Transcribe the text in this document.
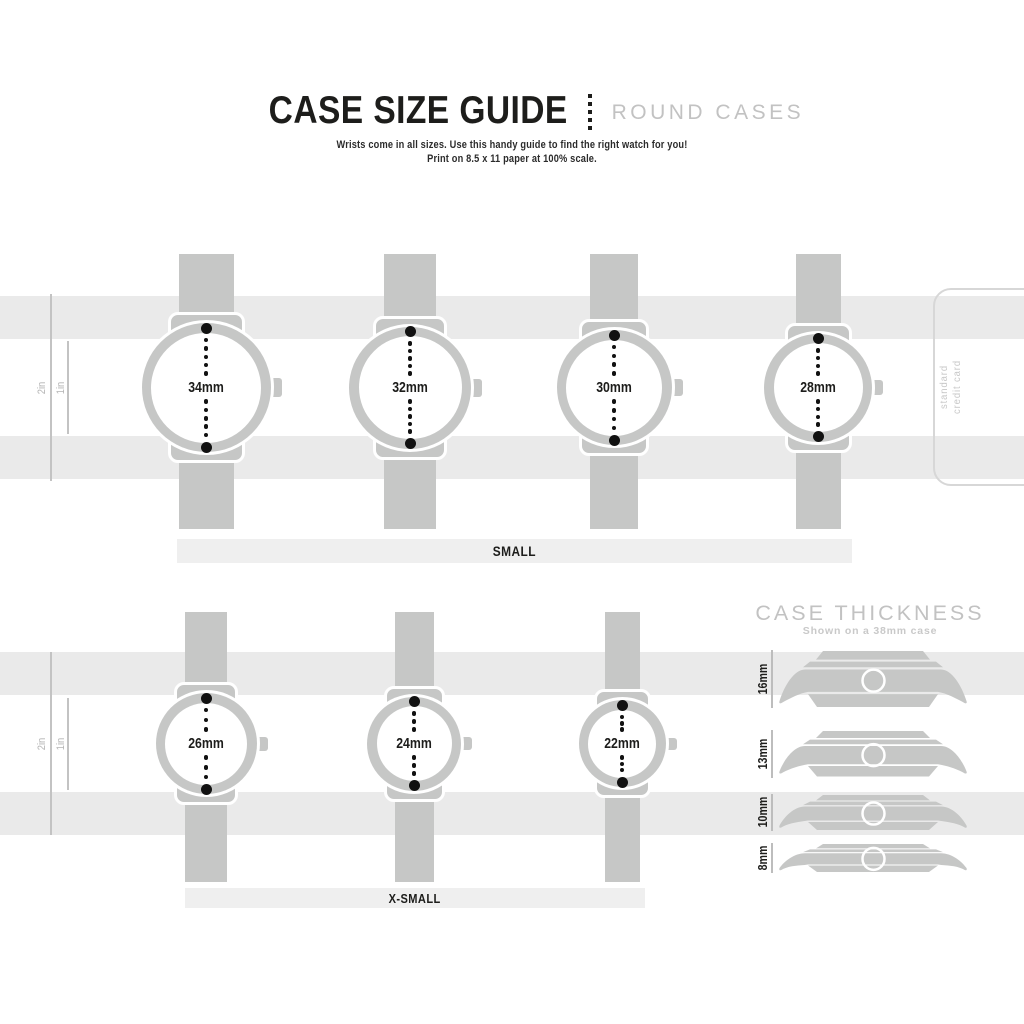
CASE SIZE GUIDE ROUND CASES
Wrists come in all sizes. Use this handy guide to find the right watch for you!
Print on 8.5 x 11 paper at 100% scale.
standard credit card
CASE THICKNESS
Shown on a 38mm case
2in 1in
SMALL
34mm	32mm	30mm	28mm
2in 1in
X-SMALL
26mm	24mm	22mm
16mm
13mm
10mm
8mm
